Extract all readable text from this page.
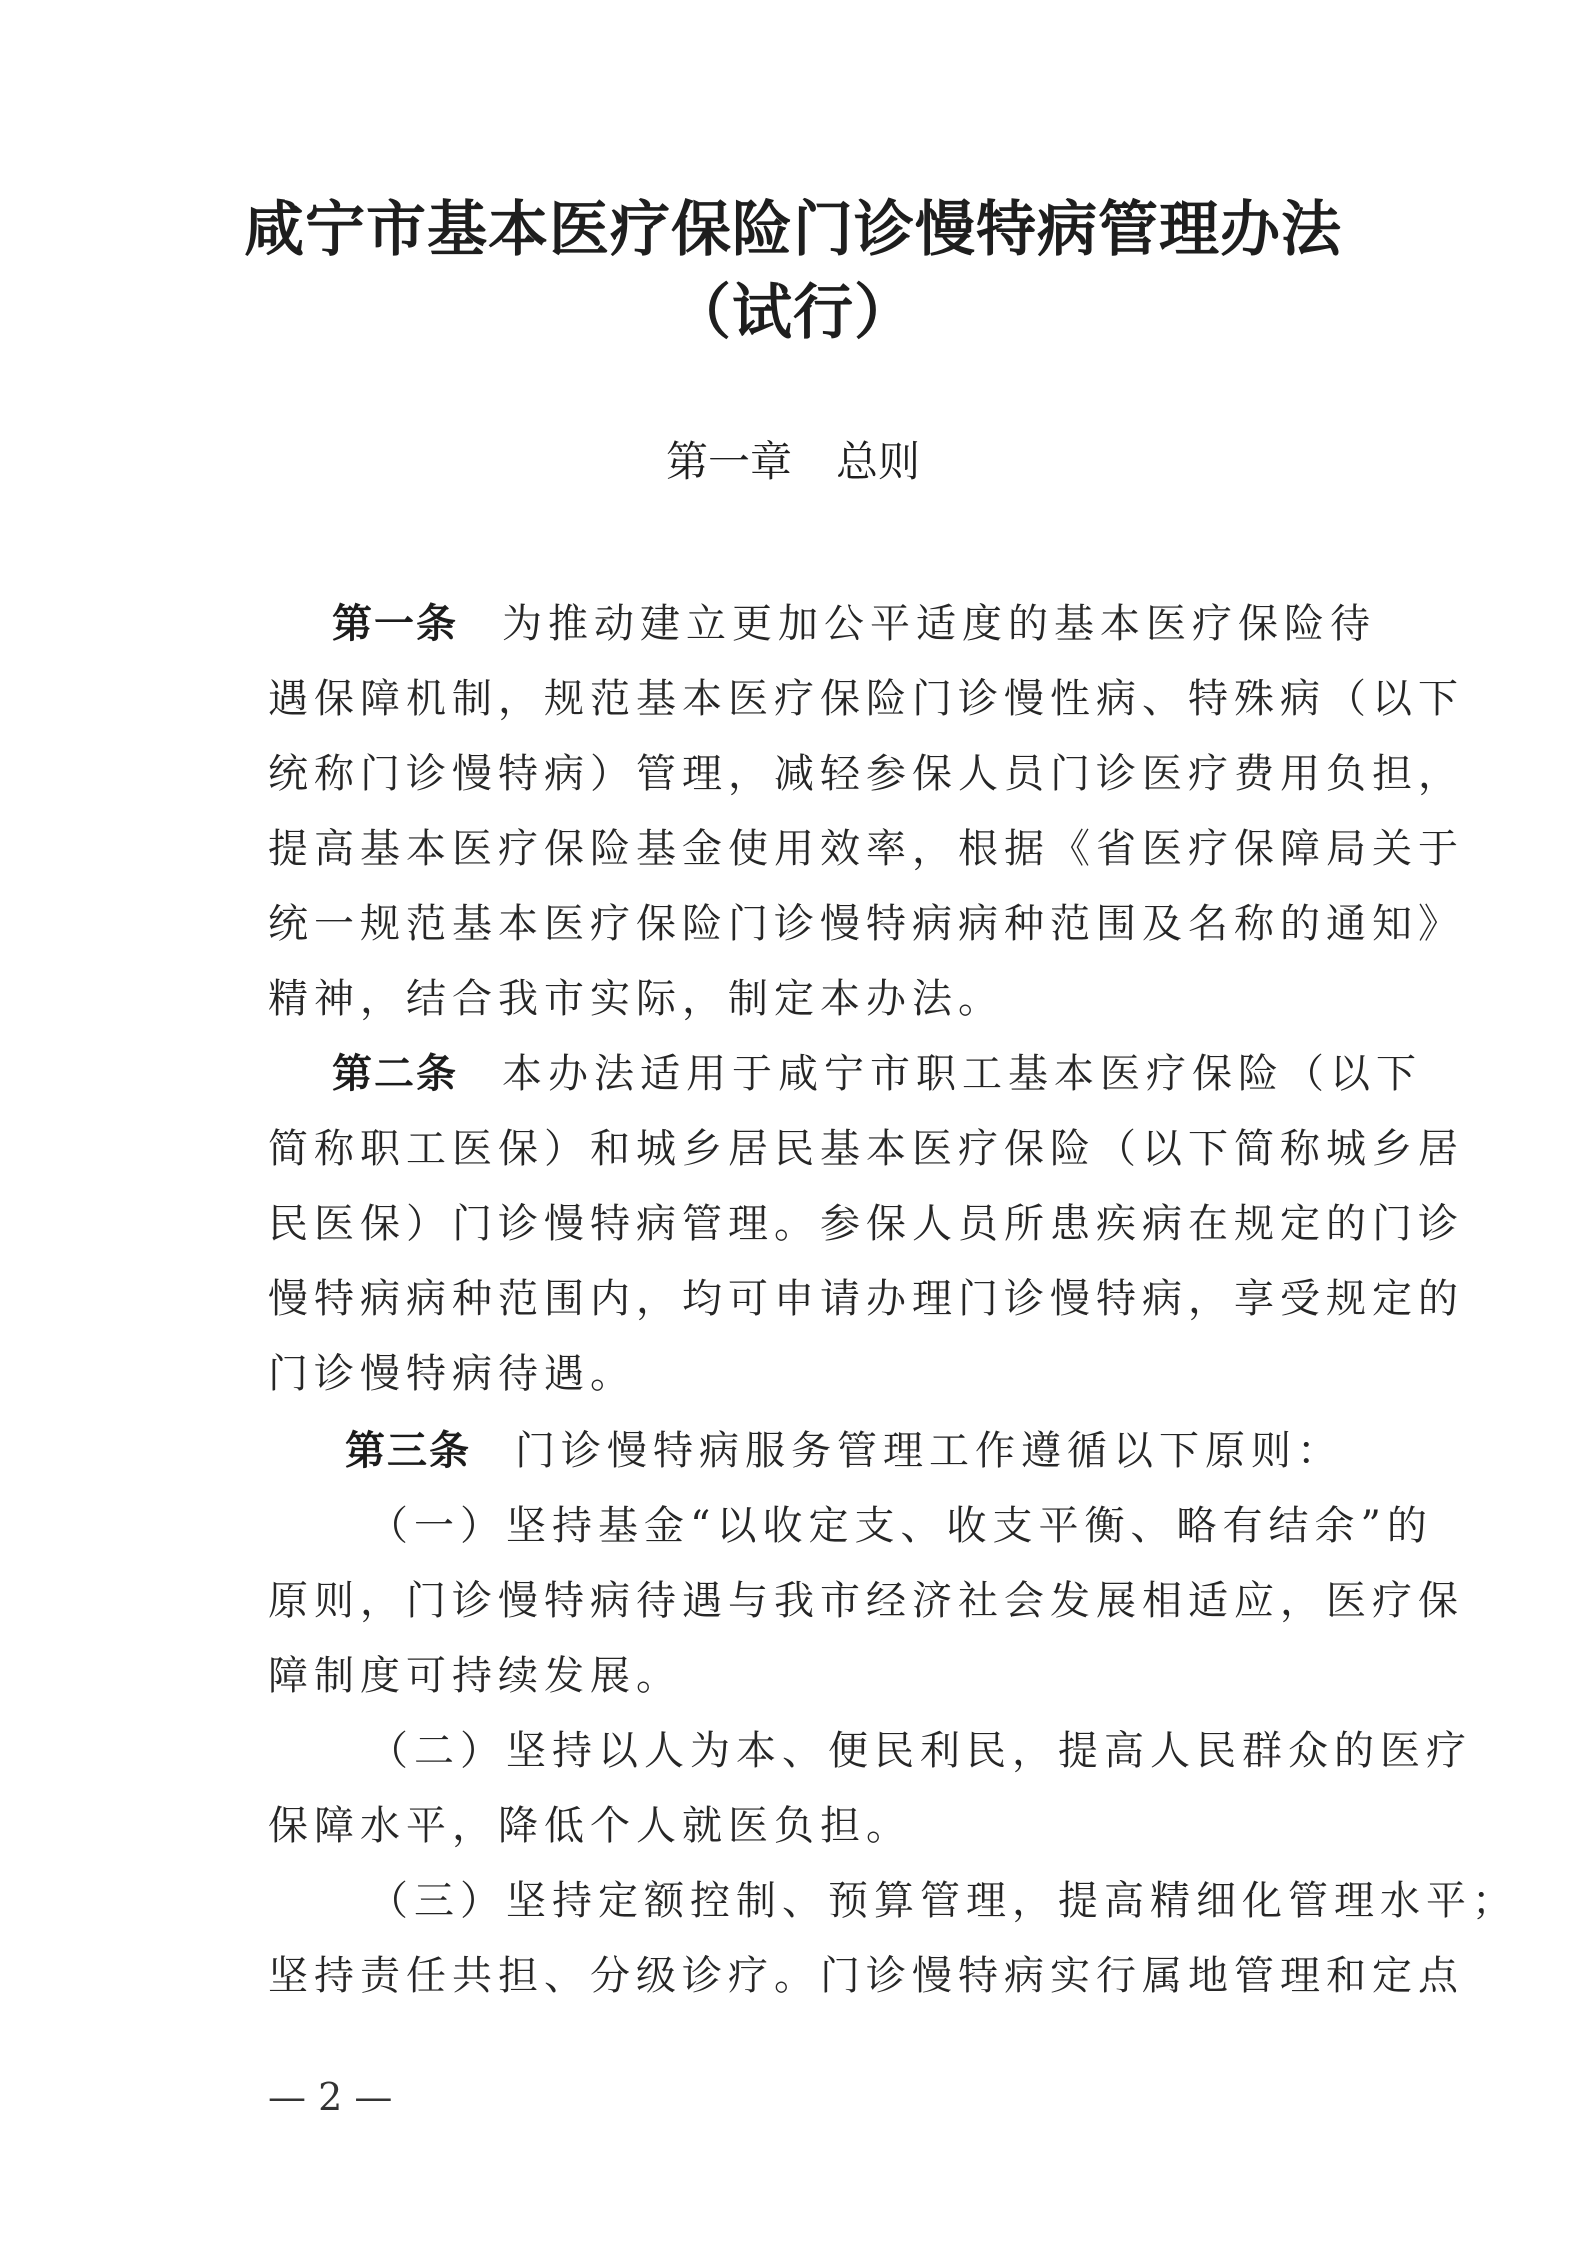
咸宁市基本医疗保险门诊慢特病管理办法
（试行）
第一章 总则
第一条 为推动建立更加公平适度的基本医疗保险待
遇保障机制，规范基本医疗保险门诊慢性病、特殊病（以下
统称门诊慢特病）管理，减轻参保人员门诊医疗费用负担，
提高基本医疗保险基金使用效率，根据《省医疗保障局关于
统一规范基本医疗保险门诊慢特病病种范围及名称的通知》
精神，结合我市实际，制定本办法。
第二条 本办法适用于咸宁市职工基本医疗保险（以下
简称职工医保）和城乡居民基本医疗保险（以下简称城乡居
民医保）门诊慢特病管理。参保人员所患疾病在规定的门诊
慢特病病种范围内，均可申请办理门诊慢特病，享受规定的
门诊慢特病待遇。
第三条 门诊慢特病服务管理工作遵循以下原则：
（一）坚持基金“以收定支、收支平衡、略有结余”的
原则，门诊慢特病待遇与我市经济社会发展相适应，医疗保
障制度可持续发展。
（二）坚持以人为本、便民利民，提高人民群众的医疗
保障水平，降低个人就医负担。
（三）坚持定额控制、预算管理，提高精细化管理水平；
坚持责任共担、分级诊疗。门诊慢特病实行属地管理和定点
— 2 —
